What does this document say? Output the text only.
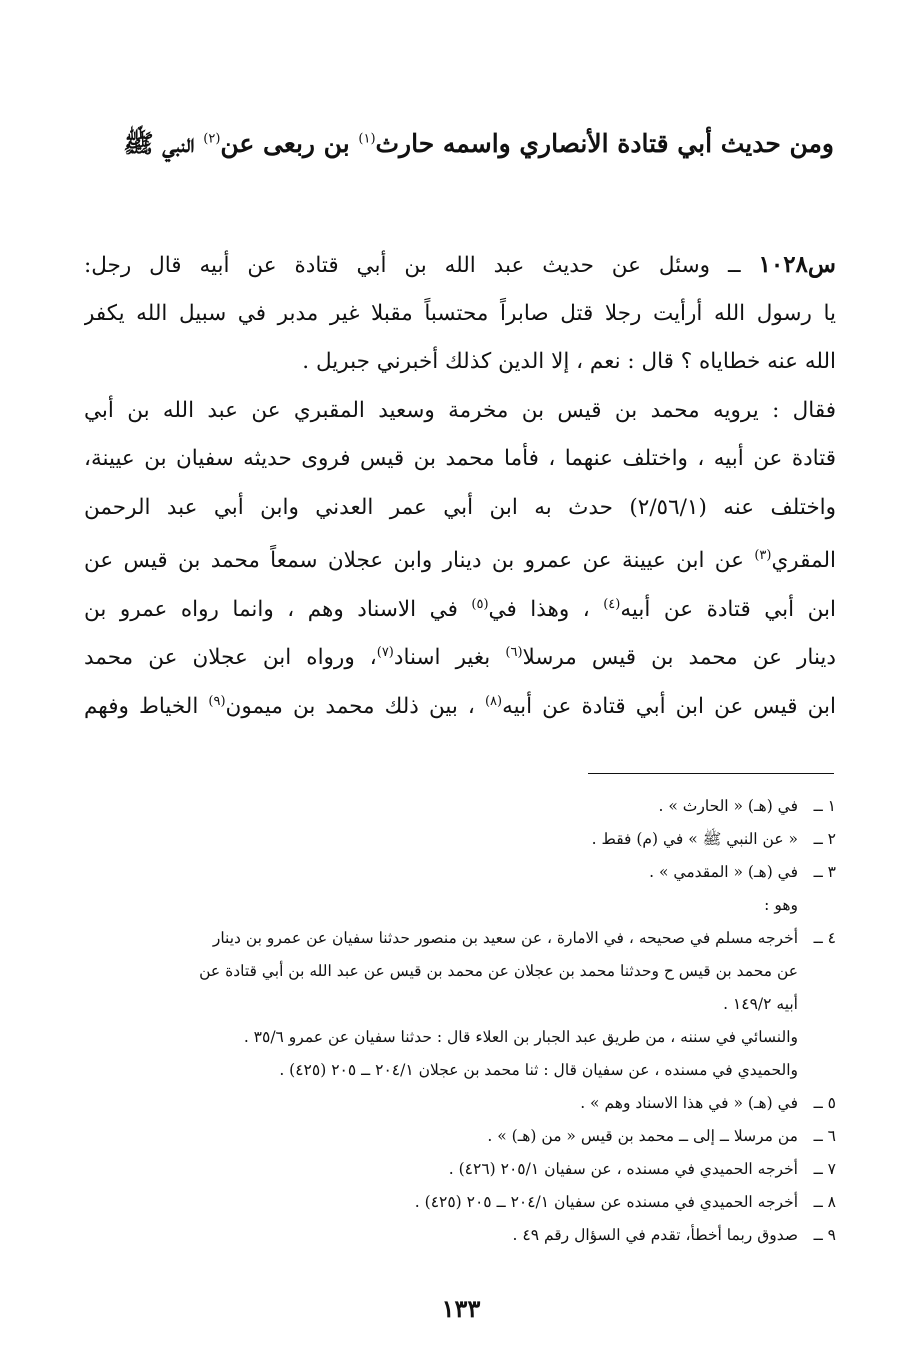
ومن حديث أبي قتادة الأنصاري واسمه حارث$^{(١)}$ بن ربعى عن$^{(٢)}$ النبي ﷺ
س١٠٢٨ ــ وسئل عن حديث عبد الله بن أبي قتادة عن أبيه قال رجل:
يا رسول الله أرأيت رجلا قتل صابراً محتسباً مقبلا غير مدبر في سبيل الله يكفر
الله عنه خطاياه ؟ قال : نعم ، إلا الدين كذلك أخبرني جبريل .
فقال : يرويه محمد بن قيس بن مخرمة وسعيد المقبري عن عبد الله بن أبي
قتادة عن أبيه ، واختلف عنهما ، فأما محمد بن قيس فروى حديثه سفيان بن عيينة،
واختلف عنه (٢/٥٦/١) حدث به ابن أبي عمر العدني وابن أبي عبد الرحمن
المقري$^{(٣)}$ عن ابن عيينة عن عمرو بن دينار وابن عجلان سمعاً محمد بن قيس عن
ابن أبي قتادة عن أبيه$^{(٤)}$ ، وهذا في$^{(٥)}$ في الاسناد وهم ، وانما رواه عمرو بن
دينار عن محمد بن قيس مرسلا$^{(٦)}$ بغير اسناد$^{(٧)}$، ورواه ابن عجلان عن محمد
ابن قيس عن ابن أبي قتادة عن أبيه$^{(٨)}$ ، بين ذلك محمد بن ميمون$^{(٩)}$ الخياط وفهم
١ ــ
في (هـ) « الحارث » .
٢ ــ
« عن النبي ﷺ » في (م) فقط .
٣ ــ
في (هـ) « المقدمي » .
وهو :
٤ ــ
أخرجه مسلم في صحيحه ، في الامارة ، عن سعيد بن منصور حدثنا سفيان عن عمرو بن دينار
عن محمد بن قيس ح وحدثنا محمد بن عجلان عن محمد بن قيس عن عبد الله بن أبي قتادة عن
أبيه ١٤٩/٢ .
والنسائي في سننه ، من طريق عبد الجبار بن العلاء قال : حدثنا سفيان عن عمرو ٣٥/٦ .
والحميدي في مسنده ، عن سفيان قال : ثنا محمد بن عجلان ٢٠٤/١ ــ ٢٠٥ (٤٢٥) .
٥ ــ
في (هـ) « في هذا الاسناد وهم » .
٦ ــ
من مرسلا ــ إلى ــ محمد بن قيس « من (هـ) » .
٧ ــ
أخرجه الحميدي في مسنده ، عن سفيان ٢٠٥/١ (٤٢٦) .
٨ ــ
أخرجه الحميدي في مسنده عن سفيان ٢٠٤/١ ــ ٢٠٥ (٤٢٥) .
٩ ــ
صدوق ربما أخطأ، تقدم في السؤال رقم ٤٩ .
١٣٣
